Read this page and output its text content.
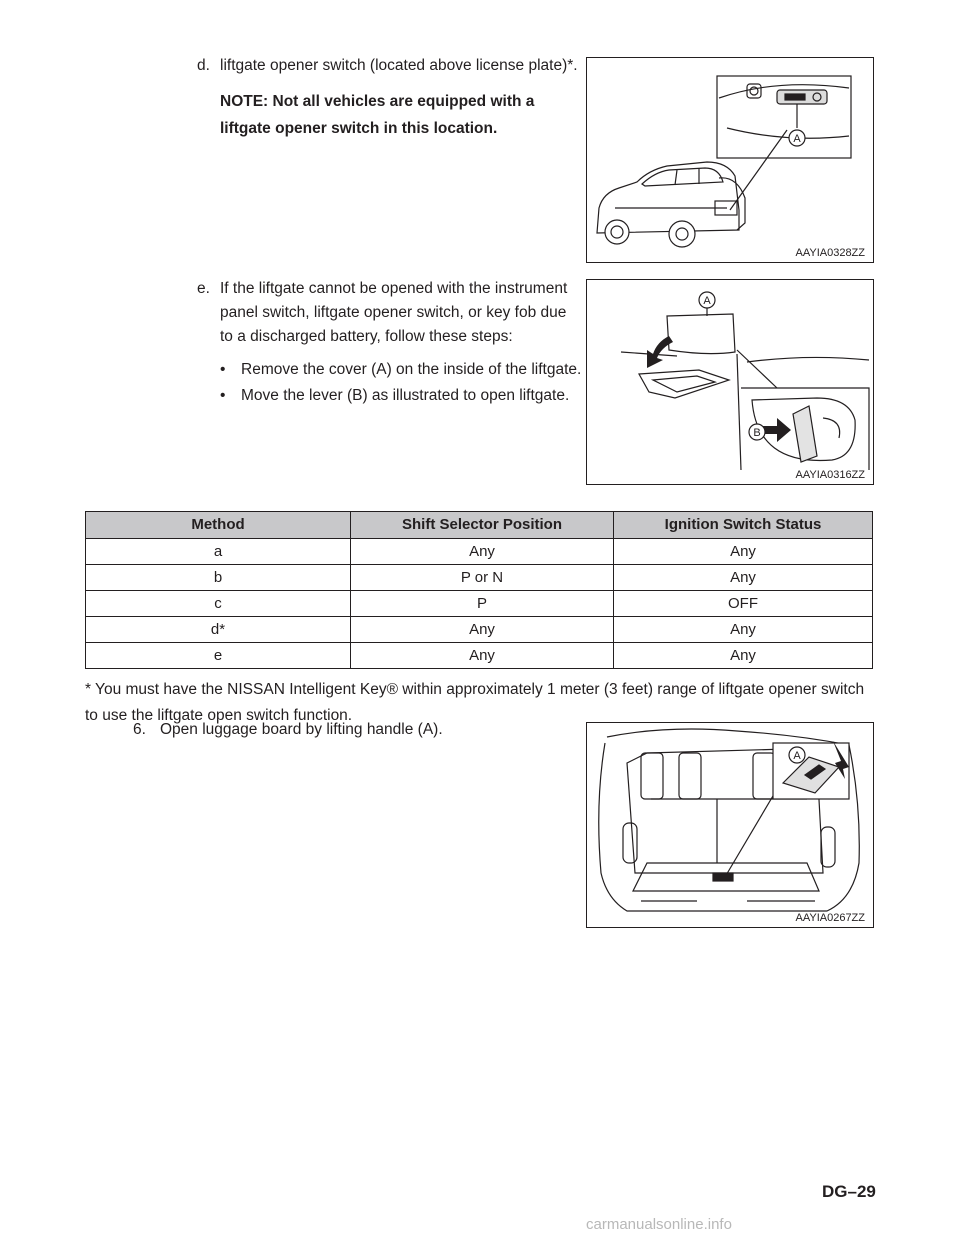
d. liftgate opener switch (located above license plate)*.
NOTE: Not all vehicles are equipped with a liftgate opener switch in this location.
A
AAYIA0328ZZ
e. If the liftgate cannot be opened with the instrument panel switch, liftgate opener switch, or key fob due to a discharged battery, follow these steps:
•	Remove the cover (A) on the inside of the liftgate.
•	Move the lever (B) as illustrated to open liftgate.
A
B
AAYIA0316ZZ
Method	Shift Selector Position	Ignition Switch Status
a	Any	Any
b	P or N	Any
c	P	OFF
d*	Any	Any
e	Any	Any
* You must have the NISSAN Intelligent Key® within approximately 1 meter (3 feet) range of liftgate opener switch to use the liftgate open switch function.
6. Open luggage board by lifting handle (A).
A
AAYIA0267ZZ
DG–29
carmanualsonline.info
